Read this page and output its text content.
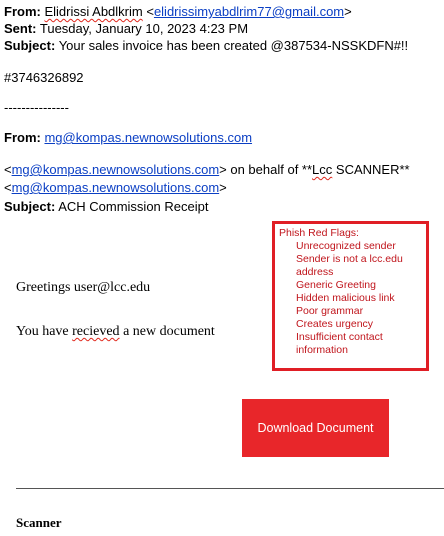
From: Elidrissi Abdlkrim <elidrissimyabdlrim77@gmail.com>
Sent: Tuesday, January 10, 2023 4:23 PM
Subject: Your sales invoice has been created @387534-NSSKDFN#!!
#3746326892
---------------
From: mg@kompas.newnowsolutions.com
<mg@kompas.newnowsolutions.com> on behalf of **Lcc SCANNER**
<mg@kompas.newnowsolutions.com>
Subject: ACH Commission Receipt
Phish Red Flags:
Unrecognized sender
Sender is not a lcc.edu
address
Generic Greeting
Hidden malicious link
Poor grammar
Creates urgency
Insufficient contact
information
Greetings user@lcc.edu
You have recieved a new document
Download Document
Scanner
